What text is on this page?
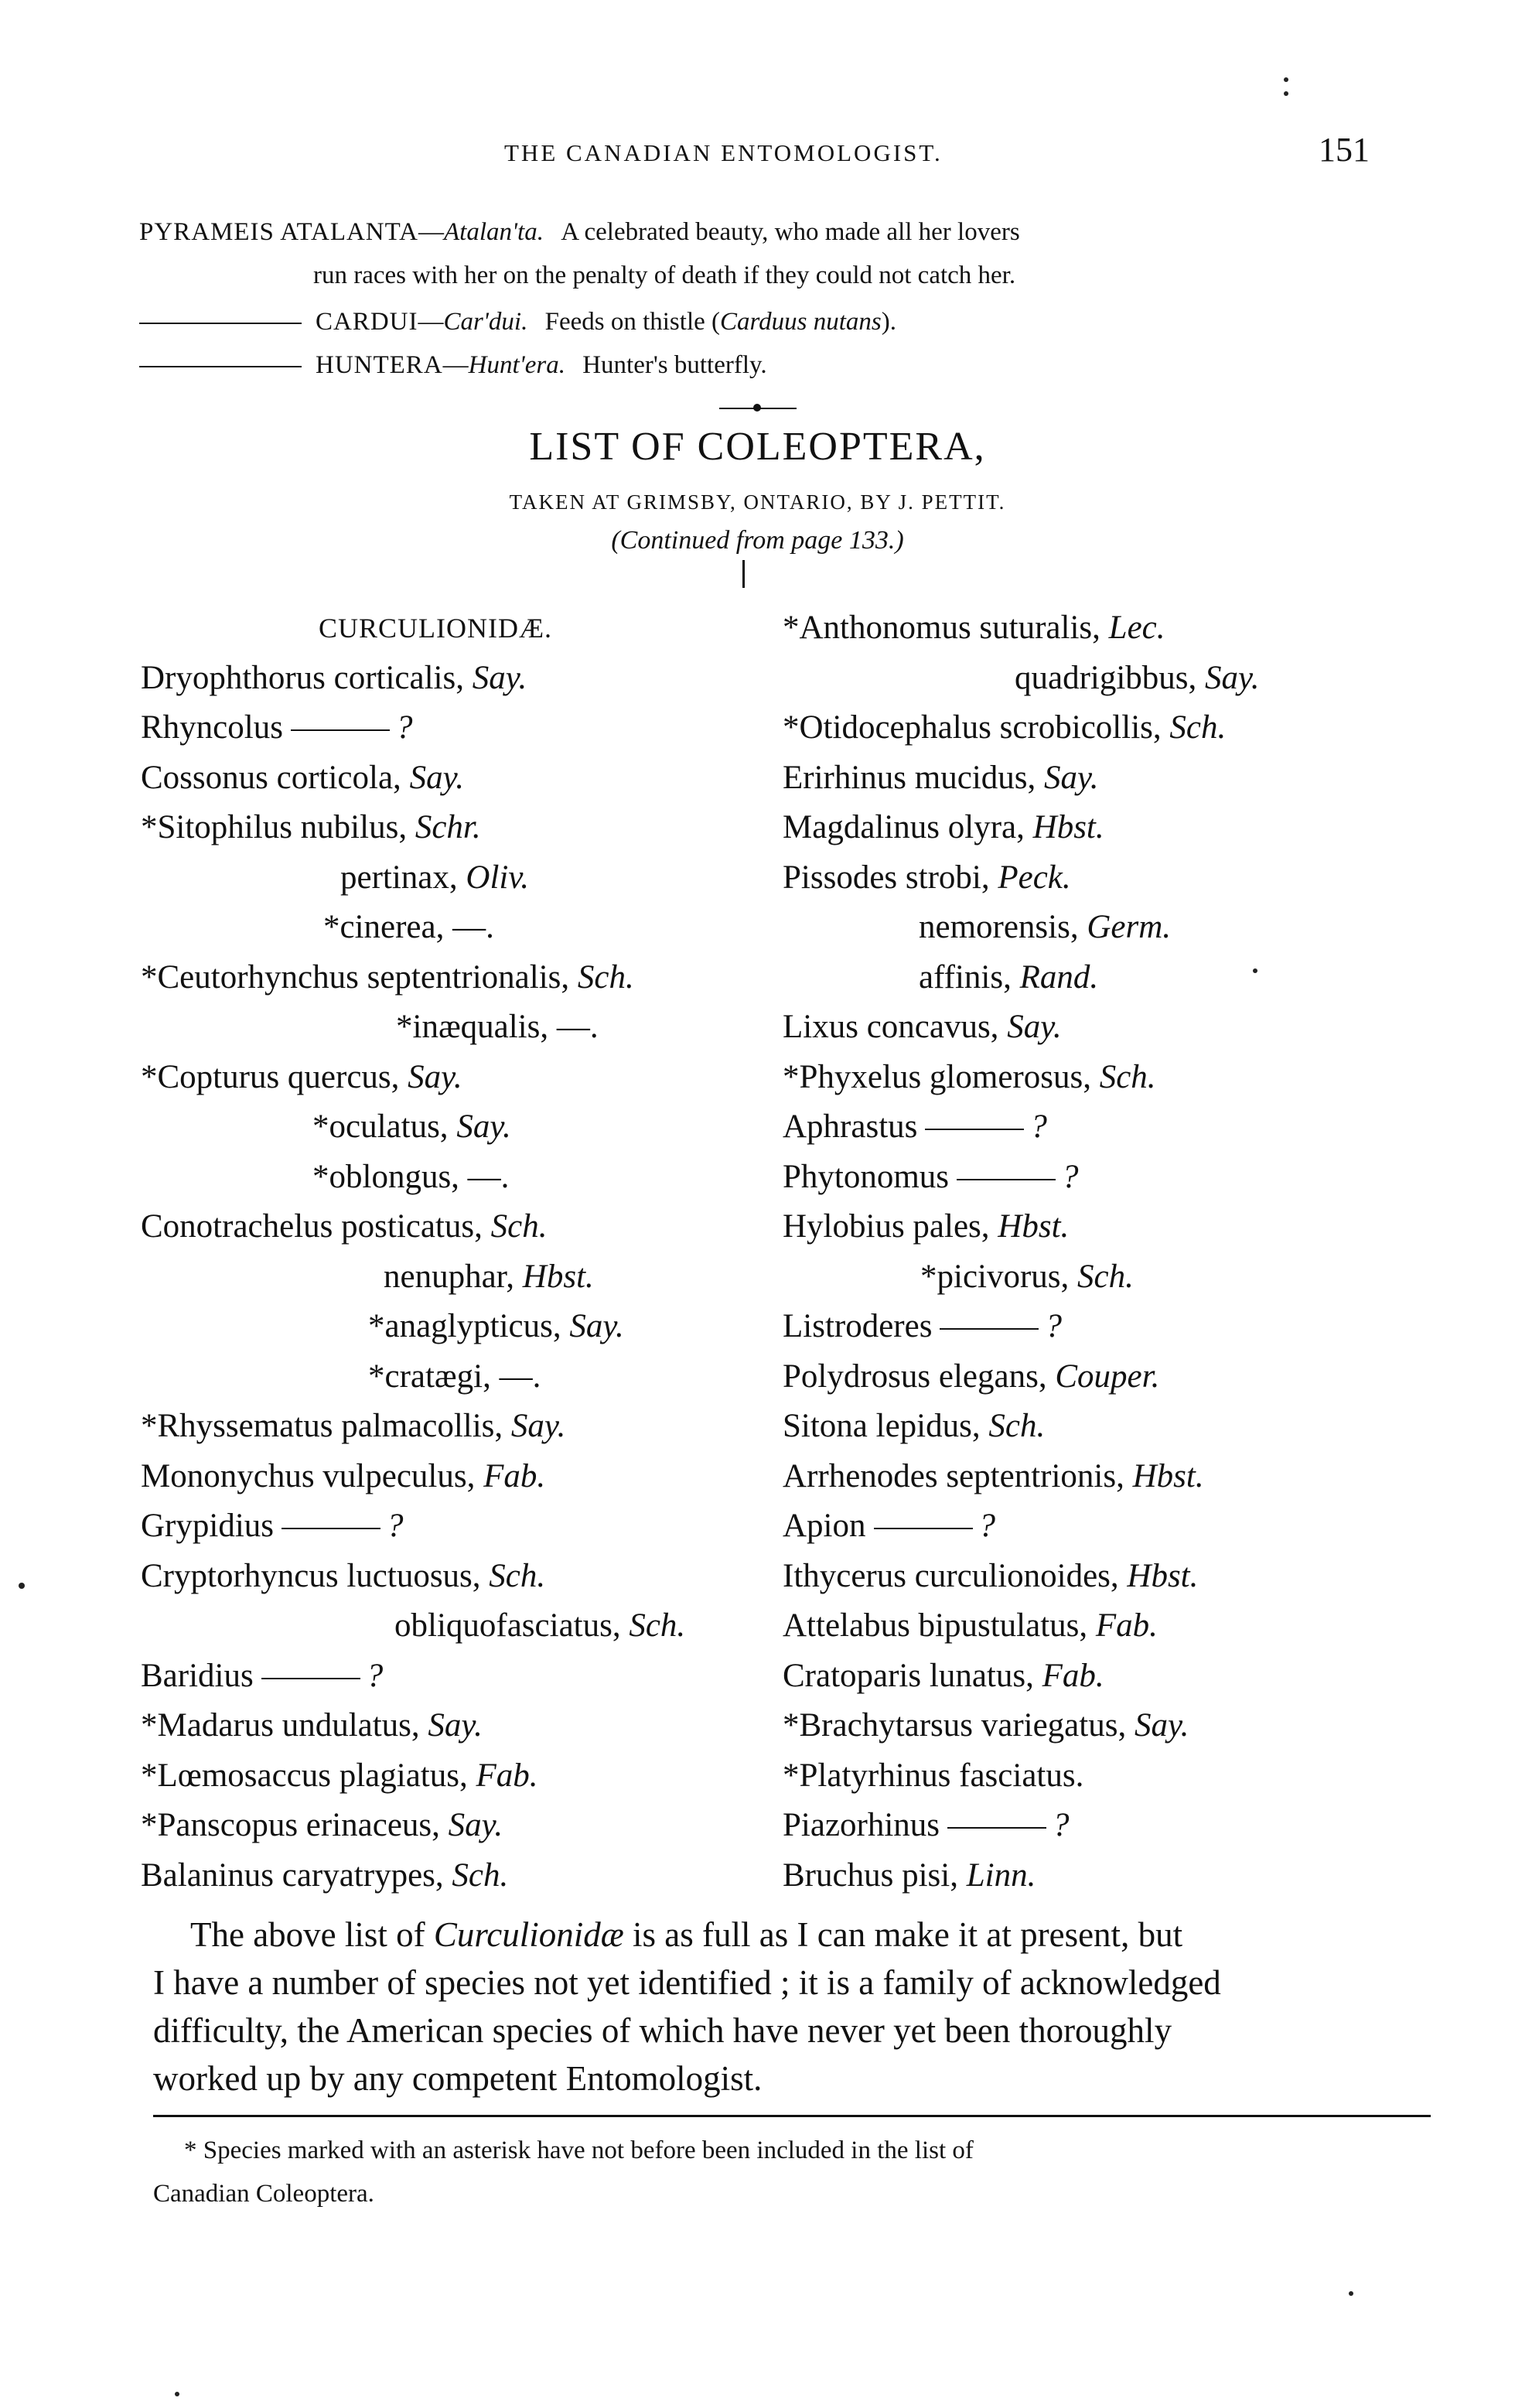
THE CANADIAN ENTOMOLOGIST.	151
PYRAMEIS ATALANTA—Atalan'ta. A celebrated beauty, who made all her lovers
run races with her on the penalty of death if they could not catch her.
CARDUI—Car'dui. Feeds on thistle (Carduus nutans).
HUNTERA—Hunt'era. Hunter's butterfly.
LIST OF COLEOPTERA,
TAKEN AT GRIMSBY, ONTARIO, BY J. PETTIT.
(Continued from page 133.)
CURCULIONIDÆ.
Dryophthorus corticalis, Say.
Rhyncolus	?
Cossonus corticola, Say.
*Sitophilus nubilus, Schr.
pertinax, Oliv.
*cinerea, —.
*Ceutorhynchus septentrionalis, Sch.
*inæqualis, —.
*Copturus quercus, Say.
*oculatus, Say.
*oblongus, —.
Conotrachelus posticatus, Sch.
nenuphar, Hbst.
*anaglypticus, Say.
*cratægi, —.
*Rhyssematus palmacollis, Say.
Mononychus vulpeculus, Fab.
Grypidius	?
Cryptorhyncus luctuosus, Sch.
obliquofasciatus, Sch.
Baridius	?
*Madarus undulatus, Say.
*Lœmosaccus plagiatus, Fab.
*Panscopus erinaceus, Say.
Balaninus caryatrypes, Sch.
*Anthonomus suturalis, Lec.
quadrigibbus, Say.
*Otidocephalus scrobicollis, Sch.
Erirhinus mucidus, Say.
Magdalinus olyra, Hbst.
Pissodes strobi, Peck.
nemorensis, Germ.
affinis, Rand.
Lixus concavus, Say.
*Phyxelus glomerosus, Sch.
Aphrastus	?
Phytonomus	?
Hylobius pales, Hbst.
*picivorus, Sch.
Listroderes	?
Polydrosus elegans, Couper.
Sitona lepidus, Sch.
Arrhenodes septentrionis, Hbst.
Apion	?
Ithycerus curculionoides, Hbst.
Attelabus bipustulatus, Fab.
Cratoparis lunatus, Fab.
*Brachytarsus variegatus, Say.
*Platyrhinus fasciatus.
Piazorhinus	?
Bruchus pisi, Linn.

The above list of Curculionidæ is as full as I can make it at present, but

I have a number of species not yet identified ; it is a family of acknowledged

difficulty, the American species of which have never yet been thoroughly

worked up by any competent Entomologist.

* Species marked with an asterisk have not before been included in the list of
Canadian Coleoptera.
